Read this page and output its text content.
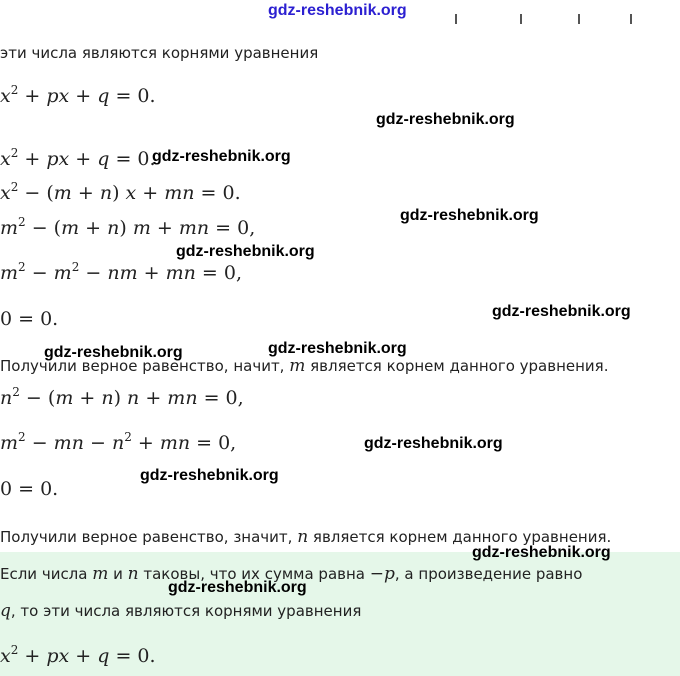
gdz-reshebnik.org
эти числа являются корнями уравнения
$x^2$ + px + q = 0.
$x^2$ + px + q = 0.
$x^2 - (m + n) x$ + mn = 0.
$m^2 - (m + n) m$ + mn = 0,
$m^2 - m^2$ − nm + mn = 0,
0 = 0.
Получили верное равенство, начит, m является корнем данного уравнения.
$n^2 - (m + n) n$ + mn = 0,
$m^2$ − mn − $n^2$ + mn = 0,
0 = 0.
Получили верное равенство, значит, n является корнем данного уравнения.
Если числа m и n таковы, что их сумма равна −p, а произведение равно
q, то эти числа являются корнями уравнения
$x^2$ + px + q = 0.
gdz-reshebnik.org
gdz-reshebnik.org
gdz-reshebnik.org
gdz-reshebnik.org
gdz-reshebnik.org
gdz-reshebnik.org	gdz-reshebnik.org
gdz-reshebnik.org
gdz-reshebnik.org
gdz-reshebnik.org
gdz-reshebnik.org
